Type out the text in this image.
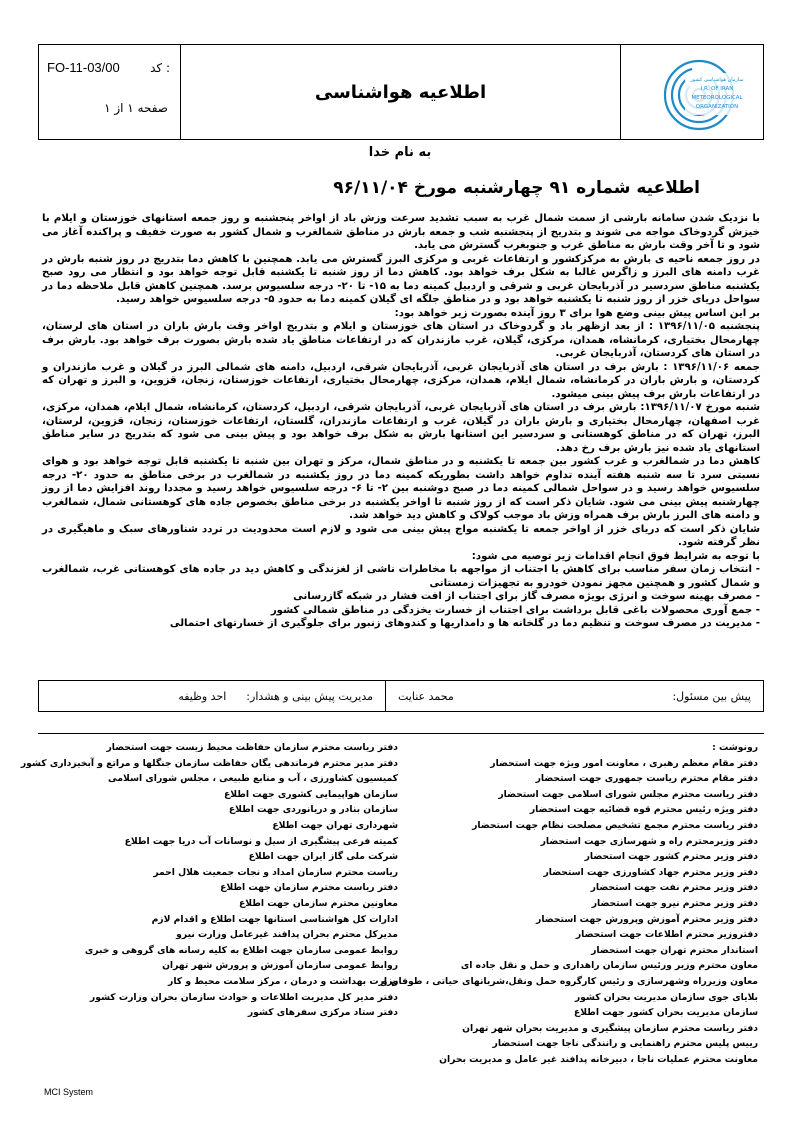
: کد
FO-11-03/00
صفحه ۱ از ۱
اطلاعیه هواشناسی
سازمان هواشناسی کشور
I.R. OF IRAN
METEOROLOGICAL
ORGANIZATION
به نام خدا
اطلاعیه شماره ۹۱ چهارشنبه مورخ ۹۶/۱۱/۰۴

با نزدیک شدن سامانه بارشی از سمت شمال غرب به سبب تشدید سرعت وزش باد از اواخر پنجشنبه و روز جمعه استانهای خوزستان و ایلام با خیزش گردوخاک مواجه می شوند و بتدریج از پنجشنبه شب و جمعه بارش در مناطق شمالغرب و شمال کشور به صورت خفیف و پراکنده آغاز می شود و تا آخر وقت بارش به مناطق غرب و جنوبغرب گسترش می یابد.

در روز جمعه ناحیه ی بارش به مرکزکشور و ارتفاعات غربی و مرکزی البرز گسترش می یابد. همچنین با کاهش دما بتدریج در روز شنبه بارش در غرب دامنه های البرز و زاگرس غالبا به شکل برف خواهد بود. کاهش دما از روز شنبه تا یکشنبه قابل توجه خواهد بود و انتظار می رود صبح یکشنبه مناطق سردسیر در آذربایجان غربی و شرقی و اردبیل کمینه دما به ۱۵- تا ۲۰- درجه سلسیوس برسد. همچنین کاهش قابل ملاحظه دما در سواحل دریای خزر از روز شنبه تا یکشنبه خواهد بود و در مناطق جلگه ای گیلان کمینه دما به حدود ۵- درجه سلسیوس خواهد رسید.

بر این اساس پیش بینی وضع هوا برای ۳ روز آینده بصورت زیر خواهد بود:

پنجشنبه ۱۳۹۶/۱۱/۰۵ : از بعد ازظهر باد و گردوخاک در استان های خوزستان و ایلام و بتدریج اواخر وقت بارش باران در استان های لرستان، چهارمحال بختیاری، کرمانشاه، همدان، مرکزی، گیلان، غرب مازندران که در ارتفاعات مناطق یاد شده بارش بصورت برف خواهد بود. بارش برف در استان های کردستان، آذربایجان غربی.

جمعه ۱۳۹۶/۱۱/۰۶ : بارش برف در استان های آذربایجان غربی، آذربایجان شرقی، اردبیل، دامنه های شمالی البرز در گیلان و غرب مازندران و کردستان، و بارش باران در کرمانشاه، شمال ایلام، همدان، مرکزی، چهارمحال بختیاری، ارتفاعات خوزستان، زنجان، قزوین، و البرز و تهران که در ارتفاعات بارش برف پیش بینی میشود.

شنبه مورخ ۱۳۹۶/۱۱/۰۷: بارش برف در استان های آذربایجان غربی، آذربایجان شرقی، اردبیل، کردستان، کرمانشاه، شمال ایلام، همدان، مرکزی، غرب اصفهان، چهارمحال بختیاری و بارش باران در گیلان، غرب و ارتفاعات مازندران، گلستان، ارتفاعات خوزستان، زنجان، قزوین، لرستان، البرز، تهران که در مناطق کوهستانی و سردسیر این استانها بارش به شکل برف خواهد بود و پیش بینی می شود که بتدریج در سایر مناطق استانهای یاد شده نیز بارش برف رخ دهد.

کاهش دما در شمالغرب و غرب کشور بین جمعه تا یکشنبه و در مناطق شمال، مرکز و تهران بین شنبه تا یکشنبه قابل توجه خواهد بود و هوای نسبتی سرد تا سه شنبه هفته آینده تداوم خواهد داشت بطوریکه کمینه دما در روز یکشنبه در شمالغرب در برخی مناطق به حدود ۲۰- درجه سلسیوس خواهد رسید و در سواحل شمالی کمینه دما در صبح دوشنبه بین ۲- تا ۶- درجه سلسیوس خواهد رسید و مجددا روند افزایش دما از روز چهارشنبه پیش بینی می شود. شایان ذکر است که از روز شنبه تا اواخر یکشنبه در برخی مناطق بخصوص جاده های کوهستانی شمال، شمالغرب و دامنه های البرز بارش برف همراه وزش باد موجب کولاک و کاهش دید خواهد شد.

شایان ذکر است که دریای خزر از اواخر جمعه تا یکشنبه مواج پیش بینی می شود و لازم است محدودیت در تردد شناورهای سبک و ماهیگیری در نظر گرفته شود.

با توجه به شرایط فوق انجام اقدامات زیر توصیه می شود:

- انتخاب زمان سفر مناسب برای کاهش یا اجتناب از مواجهه با مخاطرات ناشی از لغزندگی و کاهش دید در جاده های کوهستانی غرب، شمالغرب و شمال کشور و همچنین مجهز نمودن خودرو به تجهیزات زمستانی

- مصرف بهینه سوخت و انرژی بویژه مصرف گاز برای اجتناب از افت فشار در شبکه گازرسانی

- جمع آوری محصولات باغی قابل برداشت برای اجتناب از خسارت یخزدگی در مناطق شمالی کشور

- مدیریت در مصرف سوخت و تنظیم دما در گلخانه ها و دامداریها و کندوهای زنبور برای جلوگیری از خسارتهای احتمالی

پیش بین مسئول:
محمد عنایت
مدیریت پیش بینی و هشدار:
احد وظیفه
رونوشت :
دفتر مقام معظم رهبری ، معاونت امور ویژه جهت استحضار
دفتر مقام محترم ریاست جمهوری جهت استحضار
دفتر ریاست محترم مجلس شورای اسلامی جهت استحضار
دفتر ویژه رئیس محترم قوه قضائیه جهت استحضار
دفتر ریاست محترم مجمع تشخیص مصلحت نظام جهت استحضار
دفتر وزیرمحترم راه و شهرسازی جهت استحضار
دفتر وزیر محترم کشور جهت استحضار
دفتر وزیر محترم جهاد کشاورزی جهت استحضار
دفتر وزیر محترم نفت جهت استحضار
دفتر وزیر محترم نیرو جهت استحضار
دفتر وزیر محترم آموزش وپرورش جهت استحضار
دفتروزیر محترم اطلاعات جهت استحضار
استاندار محترم تهران جهت استحضار
معاون محترم وزیر ورئیس سازمان راهداری و حمل و نقل جاده ای
معاون وزیرراه وشهرسازی و رئیس کارگروه حمل ونقل،شریانهای حیاتی ، طوفان و
بلایای جوی سازمان مدیریت بحران کشور
سازمان مدیریت بحران کشور جهت اطلاع
دفتر ریاست محترم سازمان پیشگیری و مدیریت بحران شهر تهران
رییس پلیس محترم راهنمایی و رانندگی ناجا جهت استحضار
معاونت محترم عملیات ناجا ، دبیرخانه پدافند غیر عامل و مدیریت بحران
دفتر ریاست محترم سازمان حفاظت محیط زیست جهت استحضار
دفتر مدیر محترم فرماندهی یگان حفاظت سازمان جنگلها و مراتع و آبخیزداری کشور
کمیسیون کشاورزی ، آب و منابع طبیعی ، مجلس شورای اسلامی
سازمان هواپیمایی کشوری جهت اطلاع
سازمان بنادر و دریانوردی جهت اطلاع
شهرداری تهران جهت اطلاع
کمیته فرعی پیشگیری از سیل و نوسانات آب دریا جهت اطلاع
شرکت ملی گاز ایران جهت اطلاع
ریاست محترم سازمان امداد و نجات جمعیت هلال احمر
دفتر ریاست محترم سازمان جهت اطلاع
معاونین محترم سازمان جهت اطلاع
ادارات کل هواشناسی استانها جهت اطلاع و اقدام لازم
مدیرکل محترم بحران پدافند غیرعامل وزارت نیرو
روابط عمومی سازمان جهت اطلاع به کلیه رسانه های گروهی و خبری
روابط عمومی سازمان آموزش و پرورش شهر تهران
وزارت بهداشت و درمان ، مرکز سلامت محیط و کار
دفتر مدیر کل مدیریت اطلاعات و حوادث سازمان بحران وزارت کشور
دفتر ستاد مرکزی سفرهای کشور
MCI System
